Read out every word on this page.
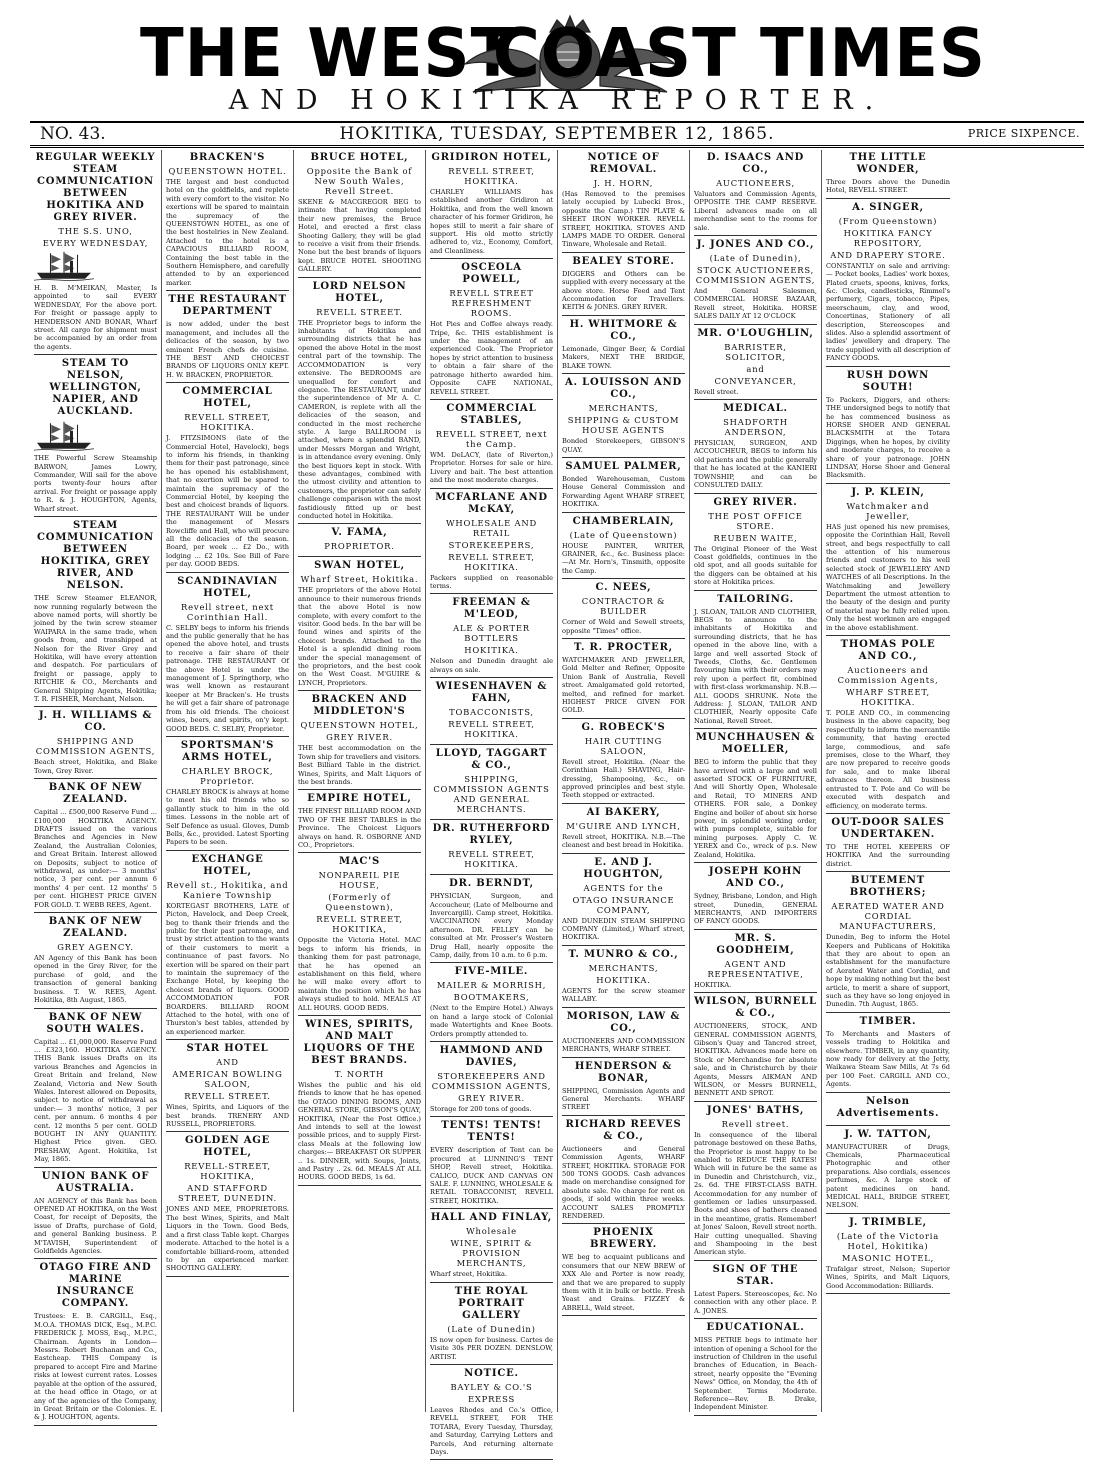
THE WEST
COAST TIMES
AND HOKITIKA REPORTER.
HOKITIKA, TUESDAY, SEPTEMBER 12, 1865.
NO. 43.	PRICE SIXPENCE.
REGULAR WEEKLY STEAM COMMUNICATION BETWEEN HOKITIKA AND GREY RIVER.
THE S.S. UNO,
EVERY WEDNESDAY,

H. B. M'MEIKAN, Master, Is appointed to sail EVERY WEDNESDAY, For the above port. For freight or passage apply to HENDERSON AND BONAR, Wharf street. All cargo for shipment must be accompanied by an order from the agents.

STEAM TO NELSON, WELLINGTON, NAPIER, AND AUCKLAND.

THE Powerful Screw Steamship BARWON, James Lowry, Commander, Will sail for the above ports twenty-four hours after arrival. For freight or passage apply to R. & J. HOUGHTON, Agents, Wharf street.

STEAM COMMUNICATION BETWEEN HOKITIKA, GREY RIVER, AND NELSON.

THE Screw Steamer ELEANOR, now running regularly between the above named ports, will shortly be joined by the twin screw steamer WAIPARA in the same trade, when goods from, and transhipped at Nelson for the River Grey and Hokitika, will have every attention and despatch. For particulars of freight or passage, apply to RITCHIE & CO., Merchants and General Shipping Agents, Hokitika; T. R. FISHER, Merchant, Nelson.

J. H. WILLIAMS & CO.
SHIPPING AND COMMISSION AGENTS,

Beach street, Hokitika, and Blake Town, Grey River.

BANK OF NEW ZEALAND.

Capital ... £500,000 Reserve Fund ... £100,000 HOKITIKA AGENCY. DRAFTS issued on the various Branches and Agencies in New Zealand, the Australian Colonies, and Great Britain. Interest allowed on Deposits, subject to notice of withdrawal, as under:— 3 months' notice, 3 per cent. per annum 6 months' 4 per cent. 12 months' 5 per cent. HIGHEST PRICE GIVEN FOR GOLD. T. WEBB REES, Agent.

BANK OF NEW ZEALAND.
GREY AGENCY.

AN Agency of this Bank has been opened in the Grey River, for the purchase of gold, and the transaction of general banking business. T. W. REES, Agent. Hokitika, 8th August, 1865.

BANK OF NEW SOUTH WALES.

Capital ... £1,000,000. Reserve Fund ... £323,160. HOKITIKA AGENCY. THIS Bank issues Drafts on its various Branches and Agencies in Great Britain and Ireland, New Zealand, Victoria and New South Wales. Interest allowed on Deposits, subject to notice of withdrawal as under:— 3 months' notice, 3 per cent. per annum. 6 months 4 per cent. 12 months 5 per cent. GOLD BOUGHT IN ANY QUANTITY. Highest Price given. GEO. PRESHAW, Agent. Hokitika, 1st May, 1865.

UNION BANK OF AUSTRALIA.

AN AGENCY of this Bank has been OPENED AT HOKITIKA, on the West Coast, for receipt of Deposits, the issue of Drafts, purchase of Gold, and general Banking business. P. M'TAVISH, Superintendent of Goldfields Agencies.

OTAGO FIRE AND MARINE INSURANCE COMPANY.

Trustees: E. B. CARGILL, Esq., M.O.A. THOMAS DICK, Esq., M.P.C. FREDERICK J. MOSS, Esq., M.P.C., Chairman. Agents in London—Messrs. Robert Buchanan and Co., Eastcheap. THIS Company is prepared to accept Fire and Marine risks at lowest current rates. Losses payable at the option of the assured, at the head office in Otago, or at any of the agencies of the Company, in Great Britain or the Colonies. E. & J. HOUGHTON, agents.

BRACKEN'S
QUEENSTOWN HOTEL.

THE largest and best conducted hotel on the goldfields, and replete with every comfort to the visitor. No exertions will be spared to maintain the supremacy of the QUEENSTOWN HOTEL, as one of the best hostelries in New Zealand. Attached to the hotel is a CAPACIOUS BILLIARD ROOM, Containing the best table in the Southern Hemisphere, and carefully attended to by an experienced marker.

THE RESTAURANT DEPARTMENT

is now added, under the best management, and includes all the delicacies of the season, by two eminent French chefs de cuisine. THE BEST AND CHOICEST BRANDS OF LIQUORS ONLY KEPT. H. W. BRACKEN, PROPRIETOR.

COMMERCIAL HOTEL,
REVELL STREET, HOKITIKA.

J. FITZSIMONS (late of the Commercial Hotel, Havelock), begs to inform his friends, in thanking them for their past patronage, since he has opened his establishment, that no exertion will be spared to maintain the supremacy of the Commercial Hotel, by keeping the best and choicest brands of liquors. THE RESTAURANT Will be under the management of Messrs Rowcliffe and Hall, who will procure all the delicacies of the season. Board, per week ... £2 Do., with lodging ... £2 10s. See Bill of Fare per day. GOOD BEDS.

SCANDINAVIAN HOTEL,
Revell street, next Corinthian Hall.

C. SELBY begs to inform his friends and the public generally that he has opened the above hotel, and trusts to receive a fair share of their patronage. THE RESTAURANT Of the above Hotel is under the management of J. Springthorp, who was well known as restaurant keeper at Mr Bracken's. He trusts he will get a fair share of patronage from his old friends. The choicest wines, beers, and spirits, on'y kept. GOOD BEDS. C. SELBY, Proprietor.

SPORTSMAN'S ARMS HOTEL,
CHARLEY BROCK, Proprietor.

CHARLEY BROCK is always at home to meet his old friends who so gallantly stuck to him in the old times. Lessons in the noble art of Self Defence as usual. Gloves, Dumb Bells, &c., provided. Latest Sporting Papers to be seen.

EXCHANGE HOTEL,
Revell st., Hokitika, and Kaniere Township

KORTEGAST BROTHERS, LATE of Picton, Havelock, and Deep Creek, beg to thank their friends and the public for their past patronage, and trust by strict attention to the wants of their customers to merit a continuance of past favors. No exertion will be spared on their part to maintain the supremacy of the Exchange Hotel, by keeping the choicest brands of liquors. GOOD ACCOMMODATION FOR BOARDERS. BILLIARD ROOM Attached to the hotel, with one of Thurston's best tables, attended by an experienced marker.

STAR HOTEL
AND
AMERICAN BOWLING SALOON,
REVELL STREET.

Wines, Spirits, and Liquors of the best brands. TRENERY AND RUSSELL, PROPRIETORS.

GOLDEN AGE HOTEL,
REVELL-STREET, HOKITIKA,
AND STAFFORD STREET, DUNEDIN.

JONES AND MEE, PROPRIETORS. The best Wines, Spirits, and Malt Liquors in the Town. Good Beds, and a first class Table kept. Charges moderate. Attached to the hotel is a comfortable billiard-room, attended to by an experienced marker. SHOOTING GALLERY.

BRUCE HOTEL,
Opposite the Bank of New South Wales, Revell Street.

SKENE & MACGREGOR BEG to intimate that having completed their new premises, the Bruce Hotel, and erected a first class Shooting Gallery, they will be glad to receive a visit from their friends. None but the best brands of liquors kept. BRUCE HOTEL SHOOTING GALLERY.

LORD NELSON HOTEL,
REVELL STREET.

THE Proprietor begs to inform the inhabitants of Hokitika and surrounding districts that he has opened the above Hotel in the most central part of the township. The ACCOMMODATION is very extensive. The BEDROOMS are unequalled for comfort and elegance. The RESTAURANT, under the superintendence of Mr A. C. CAMERON, is replete with all the delicacies of the season, and conducted in the most recherche style. A large BALLROOM is attached, where a splendid BAND, under Messrs Morgan and Wright, is in attendance every evening. Only the best liquors kept in stock. With these advantages, combined with the utmost civility and attention to customers, the proprietor can safely challenge comparison with the most fastidiously fitted up or best conducted hotel in Hokitika.

V. FAMA,
PROPRIETOR.
SWAN HOTEL,
Wharf Street, Hokitika.

THE proprietors of the above Hotel announce to their numerous friends that the above Hotel is now complete, with every comfort to the visitor. Good beds. In the bar will be found wines and spirits of the choicest brands. Attached to the Hotel is a splendid dining room under the special management of the proprietors, and the best cook on the West Coast. M'GUIRE & LYNCH, Proprietors.

BRACKEN AND MIDDLETON'S
QUEENSTOWN HOTEL,
GREY RIVER.

THE best accommodation on the Town ship for travellers and visitors. Best Billiard Table in the district. Wines, Spirits, and Malt Liquors of the best brands.

EMPIRE HOTEL,

THE FINEST BILLIARD ROOM AND TWO OF THE BEST TABLES in the Province. The Choicest Liquors always on hand. R. OSBORNE AND CO., Proprietors.

MAC'S
NONPAREIL PIE HOUSE,
(Formerly of Queenstown),
REVELL STREET, HOKITIKA,

Opposite the Victoria Hotel. MAC begs to inform his friends, in thanking them for past patronage, that he has opened an establishment on this field, where he will make every effort to maintain the position which he has always studied to hold. MEALS AT ALL HOURS. GOOD BEDS.

WINES, SPIRITS, AND MALT LIQUORS OF THE BEST BRANDS.
T. NORTH

Wishes the public and his old friends to know that he has opened the OTAGO DINING ROOMS, AND GENERAL STORE, GIBSON'S QUAY, HOKITIKA, (Near the Post Office.) And intends to sell at the lowest possible prices, and to supply First-class Meals at the following low charges:— BREAKFAST OR SUPPER .. 1s. DINNER, with Soups, Joints, and Pastry .. 2s. 6d. MEALS AT ALL HOURS. GOOD BEDS, 1s 6d.

GRIDIRON HOTEL,
REVELL STREET, HOKITIKA.

CHARLEY WILLIAMS has established another Gridiron at Hokitika, and from the well known character of his former Gridiron, he hopes still to merit a fair share of support. His old motto strictly adhered to, viz., Economy, Comfort, and Cleanliness.

OSCEOLA POWELL,
REVELL STREET REFRESHMENT ROOMS.

Hot Pies and Coffee always ready. Tripe, &c. THIS establishment is under the management of an experienced Cook. The Proprietor hopes by strict attention to business to obtain a fair share of the patronage hitherto awarded him. Opposite CAFE NATIONAL, REVELL STREET.

COMMERCIAL STABLES,
REVELL STREET, next the Camp.

WM. DeLACY, (late of Riverton,) Proprietor. Horses for sale or hire. Livery and bait. The best attention and the most moderate charges.

MCFARLANE AND McKAY,
WHOLESALE AND RETAIL
STOREKEEPERS,
REVELL STREET, HOKITIKA.

Packers supplied on reasonable terms.

FREEMAN & M'LEOD,
ALE & PORTER BOTTLERS
HOKITIKA.

Nelson and Dunedin draught ale always on sale.

WIESENHAVEN & FAHN,
TOBACCONISTS,
REVELL STREET, HOKITIKA.
LLOYD, TAGGART & CO.,
SHIPPING, COMMISSION AGENTS AND GENERAL MERCHANTS.
DR. RUTHERFORD RYLEY,
REVELL STREET, HOKITIKA.
DR. BERNDT,

PHYSICIAN, Surgeon, and Accoucheur, (Late of Melbourne and Invercargill). Camp street, Hokitika. VACCINATION every Monday afternoon. DR. FELLEY can be consulted at Mr. Prosser's Western Drug Hall, nearly opposite the Camp, daily, from 10 a.m. to 6 p.m.

FIVE-MILE.
MAILER & MORRISH,
BOOTMAKERS,

(Next to the Empire Hotel.) Always on hand a large stock of Colonial made Watertights and Knee Boots. Orders promptly attended to.

HAMMOND AND DAVIES,
STOREKEEPERS AND COMMISSION AGENTS,
GREY RIVER.

Storage for 200 tons of goods.

TENTS! TENTS! TENTS!

EVERY description of Tent can be procured at LUNNING'S TENT SHOP, Revell street, Hokitika. CALICO, DUCK AND CANVAS ON SALE. F. LUNNING, WHOLESALE & RETAIL TOBACCONIST, REVELL STREET, HOKITIKA.

HALL AND FINLAY,
Wholesale
WINE, SPIRIT & PROVISION MERCHANTS,

Wharf street, Hokitika.

THE ROYAL PORTRAIT GALLERY
(Late of Dunedin)

IS now open for business. Cartes de Visite 30s PER DOZEN. DENSLOW, ARTIST.

NOTICE.
BAYLEY & CO.'S
EXPRESS

Leaves Rhodes and Co.'s Office, REVELL STREET, FOR THE TOTARA, Every Tuesday, Thursday, and Saturday, Carrying Letters and Parcels, And returning alternate Days.

NOTICE OF REMOVAL.
J. H. HORN,

(Has Removed to the premises lately occupied by Lubecki Bros., opposite the Camp.) TIN PLATE & SHEET IRON WORKER. REVELL STREET, HOKITIKA. STOVES AND LAMPS MADE TO ORDER. General Tinware, Wholesale and Retail.

BEALEY STORE.

DIGGERS and Others can be supplied with every necessary at the above store. Horse Feed and Tent Accommodation for Travellers. KEITH & JONES. GREY RIVER.

H. WHITMORE & CO.,

Lemonade, Ginger Beer, & Cordial Makers, NEXT THE BRIDGE, BLAKE TOWN.

A. LOUISSON AND CO.,
MERCHANTS,
SHIPPING & CUSTOM HOUSE AGENTS

Bonded Storekeepers, GIBSON'S QUAY.

SAMUEL PALMER,

Bonded Warehouseman, Custom House General Commission and Forwarding Agent WHARF STREET, HOKITIKA.

CHAMBERLAIN,
(Late of Queenstown)

HOUSE PAINTER, WRITER, GRAINER, &c., &c. Business place:—At Mr. Horn's, Tinsmith, opposite the Camp.

C. NEES,
CONTRACTOR & BUILDER

Corner of Weld and Sewell streets, opposite "Times" office.

T. R. PROCTER,

WATCHMAKER AND JEWELLER, Gold Melter and Refiner, Opposite Union Bank of Australia, Revell street. Amalgamated gold retorted, melted, and refined for market. HIGHEST PRICE GIVEN FOR GOLD.

G. ROBECK'S
HAIR CUTTING SALOON,

Revell street, Hokitika. (Near the Corinthian Hall.) SHAVING, Hair-dressing, Shampooing, &c., on approved principles and best style. Teeth stopped or extracted.

AI BAKERY,
M'GUIRE AND LYNCH,

Revell street, HOKITIKA. N.B.—The cleanest and best bread in Hokitika.

E. AND J. HOUGHTON,
AGENTS for the
OTAGO INSURANCE COMPANY,

AND DUNEDIN STEAM SHIPPING COMPANY (Limited,) Wharf street, HOKITIKA.

T. MUNRO & CO.,
MERCHANTS,
HOKITIKA.

AGENTS for the screw steamer WALLABY.

MORISON, LAW & CO.,

AUCTIONEERS AND COMMISSION MERCHANTS, WHARF STREET.

HENDERSON & BONAR,

SHIPPING, Commission Agents and General Merchants. WHARF STREET

RICHARD REEVES & CO.,

Auctioneers and General Commission Agents, WHARF STREET, HOKITIKA. STORAGE FOR 500 TONS GOODS. Cash advances made on merchandise consigned for absolute sale. No charge for rent on goods, if sold within three weeks. ACCOUNT SALES PROMPTLY RENDERED.

PHOENIX BREWERY.

WE beg to acquaint publicans and consumers that our NEW BREW of XXX Ale and Porter is now ready, and that we are prepared to supply them with it in bulk or bottle. Fresh Yeast and Grains. FIZZEY & ABRELL, Weld street.

D. ISAACS AND CO.,
AUCTIONEERS,

Valuators and Commission Agents, OPPOSITE THE CAMP RESERVE. Liberal advances made on all merchandise sent to the rooms for sale.

J. JONES AND CO.,
(Late of Dunedin),
STOCK AUCTIONEERS, COMMISSION AGENTS,

And General Salesmen, COMMERCIAL HORSE BAZAAR, Revell street, Hokitika. HORSE SALES DAILY AT 12 O'CLOCK

MR. O'LOUGHLIN,
BARRISTER, SOLICITOR,
and
CONVEYANCER,

Revell street.

MEDICAL.
SHADFORTH ANDERSON,

PHYSICIAN, SURGEON, AND ACCOUCHEUR, BEGS to inform his old patients and the public generally that he has located at the KANIERI TOWNSHIP, and can be CONSULTED DAILY.

GREY RIVER.
THE POST OFFICE STORE.
REUBEN WAITE,

The Original Pioneer of the West Coast goldfields, continues in the old spot, and all goods suitable for the diggers can be obtained at his store at Hokitika prices.

TAILORING.

J. SLOAN, TAILOR AND CLOTHIER, BEGS to announce to the inhabitants of Hokitika and surrounding districts, that he has opened in the above line, with a large and well assorted Stock of Tweeds, Cloths, &c. Gentlemen favouring him with their orders may rely upon a perfect fit, combined with first-class workmanship. N.B.—ALL GOODS SHRUNK. Note the Address: J. SLOAN, TAILOR AND CLOTHIER, Nearly opposite Cafe National, Revell Street.

MUNCHHAUSEN & MOELLER,

BEG to inform the public that they have arrived with a large and well assorted STOCK OF FURNITURE, And will Shortly Open, Wholesale and Retail, TO MINERS AND OTHERS. FOR sale, a Donkey Engine and boiler of about six horse power, in splendid working order, with pumps complete, suitable for mining purposes. Apply C. W. YEREX and Co., wreck of p.s. New Zealand, Hokitika.

JOSEPH KOHN AND CO.,

Sydney, Brisbane, London, and High street, Dunedin, GENERAL MERCHANTS, AND IMPORTERS OF FANCY GOODS.

MR. S. GOODHEIM,
AGENT AND REPRESENTATIVE,

HOKITIKA.

WILSON, BURNELL & CO.,

AUCTIONEERS, STOCK, AND GENERAL COMMISSION AGENTS, Gibson's Quay and Tancred street, HOKITIKA. Advances made here on Stock or Merchandise for absolute sale, and in Christchurch by their Agents, Messrs AIKMAN AND WILSON, or Messrs BURNELL, BENNETT AND SPROT.

JONES' BATHS,
Revell street.

In consequence of the liberal patronage bestowed on these Baths, the Proprietor is most happy to be enabled to REDUCE THE RATES! Which will in future be the same as in Dunedin and Christchurch, viz., 2s. 6d. THE FIRST-CLASS BATH. Accommodation for any number of gentlemen or ladies unsurpassed. Boots and shoes of bathers cleaned in the meantime, gratis. Remember! at Jones' Saloon, Revell street north. Hair cutting unequalled. Shaving and Shampooing in the best American style.

SIGN OF THE STAR.

Latest Papers. Stereoscopes, &c. No connection with any other place. P. A. JONES.

EDUCATIONAL.

MISS PETRIE begs to intimate her intention of opening a School for the instruction of Children in the useful branches of Education, in Beach-street, nearly opposite the "Evening News" Office, on Monday, the 4th of September. Terms Moderate. Reference—Rev. B. Drake, Independent Minister.

THE LITTLE WONDER,

Three Doors above the Dunedin Hotel, REVELL STREET.

A. SINGER,
(From Queenstown)
HOKITIKA FANCY REPOSITORY,
AND DRAPERY STORE.

CONSTANTLY on sale and arriving:— Pocket books, Ladies' work boxes, Plated cruets, spoons, knives, forks, &c. Clocks, candlesticks, Rimmel's perfumery, Cigars, tobacco, Pipes, meerschaum, clay, and wood, Concertinas, Stationery of all description, Stereoscopes and slides. Also a splendid assortment of ladies' jewellery and drapery. The trade supplied with all description of FANCY GOODS.

RUSH DOWN SOUTH!

To Packers, Diggers, and others: THE undersigned begs to notify that he has commenced business as HORSE SHOER AND GENERAL BLACKSMITH at the Totara Diggings, when he hopes, by civility and moderate charges, to receive a share of your patronage. JOHN LINDSAY, Horse Shoer and General Blacksmith.

J. P. KLEIN,
Watchmaker and Jeweller,

HAS just opened his new premises, opposite the Corinthian Hall, Revell street, and begs respectfully to call the attention of his numerous friends and customers to his well selected stock of JEWELLERY AND WATCHES of all Descriptions. In the Watchmaking and Jewellery Department the utmost attention to the beauty of the design and purity of material may be fully relied upon. Only the best workmen are engaged in the above establishment.

THOMAS POLE AND CO.,
Auctioneers and Commission Agents,
WHARF STREET, HOKITIKA.

T. POLE AND CO., in commencing business in the above capacity, beg respectfully to inform the mercantile community, that having erected large, commodious, and safe premises, close to the Wharf, they are now prepared to receive goods for sale, and to make liberal advances thereon. All business entrusted to T. Pole and Co will be executed with despatch and efficiency, on moderate terms.

OUT-DOOR SALES UNDERTAKEN.

TO THE HOTEL KEEPERS OF HOKITIKA And the surrounding district.

BUTEMENT BROTHERS;
AERATED WATER AND CORDIAL MANUFACTURERS,

Dunedin, Beg to inform the Hotel Keepers and Publicans of Hokitika that they are about to open an establishment for the manufacture of Aerated Water and Cordial, and hope by making nothing but the best article, to merit a share of support, such as they have so long enjoyed in Dunedin. 7th August, 1865.

TIMBER.

To Merchants and Masters of vessels trading to Hokitika and elsewhere. TIMBER, in any quantity, now ready for delivery at the Jetty, Waikawa Steam Saw Mills, At 7s 6d per 100 Feet. CARGILL AND CO., Agents.

Nelson Advertisements.
J. W. TATTON,

MANUFACTURER of Drugs, Chemicals, Pharmaceutical Photographic and other preparations. Also cordials, essences perfumes, &c. A large stock of patent medicines on hand. MEDICAL HALL, BRIDGE STREET, NELSON.

J. TRIMBLE,
(Late of the Victoria Hotel, Hokitika)
MASONIC HOTEL,

Trafalgar street, Nelson; Superior Wines, Spirits, and Malt Liquors, Good Accommodation: Billiards.
